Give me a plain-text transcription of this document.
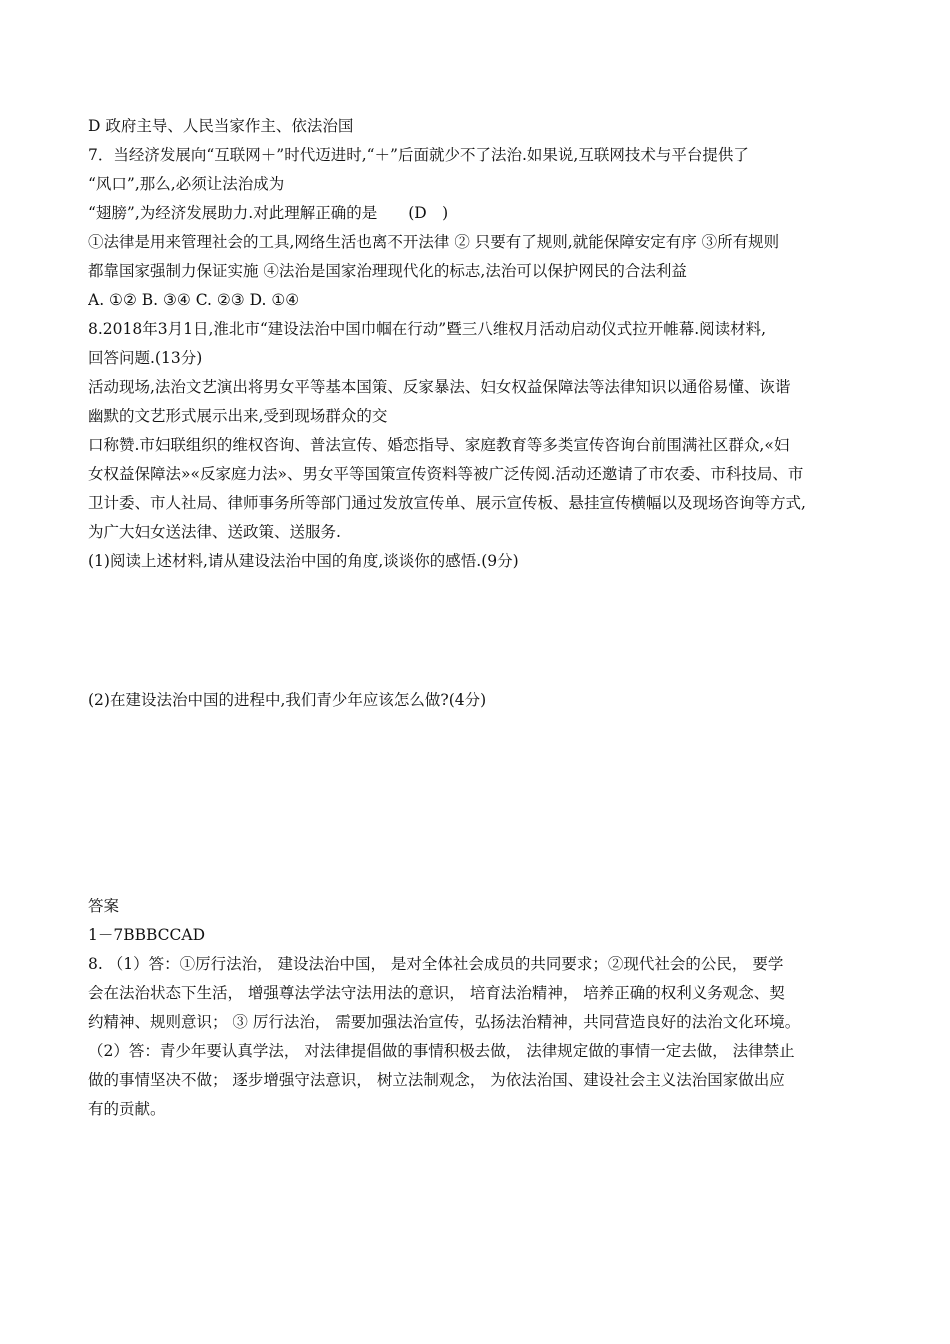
D 政府主导、人民当家作主、依法治国
7．当经济发展向“互联网＋”时代迈进时,“＋”后面就少不了法治.如果说,互联网技术与平台提供了
“风口”,那么,必须让法治成为
“翅膀”,为经济发展助力.对此理解正确的是　　(D　)
①法律是用来管理社会的工具,网络生活也离不开法律 ② 只要有了规则,就能保障安定有序 ③所有规则
都靠国家强制力保证实施 ④法治是国家治理现代化的标志,法治可以保护网民的合法利益
A. ①② B. ③④ C. ②③ D. ①④
8.2018年3月1日,淮北市“建设法治中国巾帼在行动”暨三八维权月活动启动仪式拉开帷幕.阅读材料,
回答问题.(13分)
活动现场,法治文艺演出将男女平等基本国策、反家暴法、妇女权益保障法等法律知识以通俗易懂、诙谐
幽默的文艺形式展示出来,受到现场群众的交
口称赞.市妇联组织的维权咨询、普法宣传、婚恋指导、家庭教育等多类宣传咨询台前围满社区群众,«妇
女权益保障法»«反家庭力法»、男女平等国策宣传资料等被广泛传阅.活动还邀请了市农委、市科技局、市
卫计委、市人社局、律师事务所等部门通过发放宣传单、展示宣传板、悬挂宣传横幅以及现场咨询等方式,
为广大妇女送法律、送政策、送服务.
(1)阅读上述材料,请从建设法治中国的角度,谈谈你的感悟.(9分)
(2)在建设法治中国的进程中,我们青少年应该怎么做?(4分)
答案
1－7BBBCCAD
8. （1）答：①厉行法治， 建设法治中国， 是对全体社会成员的共同要求；②现代社会的公民， 要学
会在法治状态下生活， 增强尊法学法守法用法的意识， 培育法治精神， 培养正确的权利义务观念、契
约精神、规则意识； ③ 厉行法治， 需要加强法治宣传，弘扬法治精神，共同营造良好的法治文化环境。
（2）答：青少年要认真学法， 对法律提倡做的事情积极去做， 法律规定做的事情一定去做， 法律禁止
做的事情坚决不做； 逐步增强守法意识， 树立法制观念， 为依法治国、建设社会主义法治国家做出应
有的贡献。
